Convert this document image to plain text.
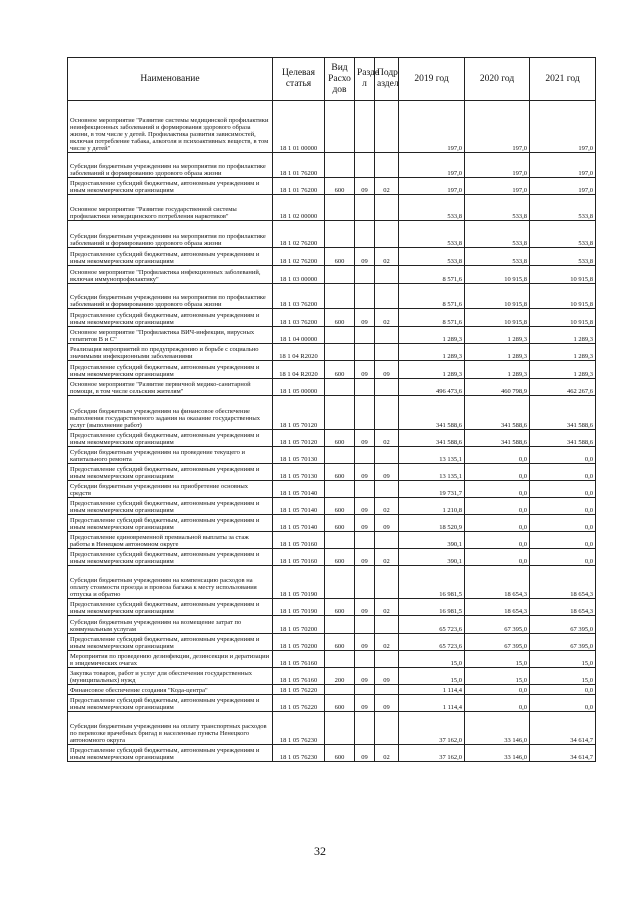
Наименование	Целевая статья	Вид Расхо дов	Разде л	Подр аздел	2019 год	2020 год	2021 год
Основное мероприятие "Развитие системы медицинской профилактики неинфекционных заболеваний и формирования здорового образа жизни, в том числе у детей. Профилактика развития зависимостей, включая потребление табака, алкоголя и психоактивных веществ, в том числе у детей"	18 1 01 00000				197,0	197,0	197,0
Субсидии бюджетным учреждениям на мероприятия по профилактике заболеваний и формированию здорового образа жизни	18 1 01 76200				197,0	197,0	197,0
Предоставление субсидий бюджетным, автономным учреждениям и иным некоммерческим организациям	18 1 01 76200	600	09	02	197,0	197,0	197,0
Основное мероприятие "Развитие государственной системы профилактики немедицинского потребления наркотиков"	18 1 02 00000				533,8	533,8	533,8
Субсидии бюджетным учреждениям на мероприятия по профилактике заболеваний и формированию здорового образа жизни	18 1 02 76200				533,8	533,8	533,8
Предоставление субсидий бюджетным, автономным учреждениям и иным некоммерческим организациям	18 1 02 76200	600	09	02	533,8	533,8	533,8
Основное мероприятие "Профилактика инфекционных заболеваний, включая иммунопрофилактику"	18 1 03 00000				8 571,6	10 915,8	10 915,8
Субсидии бюджетным учреждениям на мероприятия по профилактике заболеваний и формированию здорового образа жизни	18 1 03 76200				8 571,6	10 915,8	10 915,8
Предоставление субсидий бюджетным, автономным учреждениям и иным некоммерческим организациям	18 1 03 76200	600	09	02	8 571,6	10 915,8	10 915,8
Основное мероприятие "Профилактика ВИЧ-инфекции, вирусных гепатитов В и С"	18 1 04 00000				1 289,3	1 289,3	1 289,3
Реализация мероприятий по предупреждению и борьбе с социально значимыми инфекционными заболеваниями	18 1 04 R2020				1 289,3	1 289,3	1 289,3
Предоставление субсидий бюджетным, автономным учреждениям и иным некоммерческим организациям	18 1 04 R2020	600	09	09	1 289,3	1 289,3	1 289,3
Основное мероприятие "Развитие первичной медико-санитарной помощи, в том числе сельским жителям"	18 1 05 00000				496 473,6	460 798,9	462 267,6
Субсидии бюджетным учреждениям на финансовое обеспечение выполнения государственного задания на оказание государственных услуг (выполнение работ)	18 1 05 70120				341 588,6	341 588,6	341 588,6
Предоставление субсидий бюджетным, автономным учреждениям и иным некоммерческим организациям	18 1 05 70120	600	09	02	341 588,6	341 588,6	341 588,6
Субсидии бюджетным учреждениям на проведение текущего и капитального ремонта	18 1 05 70130				13 135,1	0,0	0,0
Предоставление субсидий бюджетным, автономным учреждениям и иным некоммерческим организациям	18 1 05 70130	600	09	09	13 135,1	0,0	0,0
Субсидии бюджетным учреждениям на приобретение основных средств	18 1 05 70140				19 731,7	0,0	0,0
Предоставление субсидий бюджетным, автономным учреждениям и иным некоммерческим организациям	18 1 05 70140	600	09	02	1 210,8	0,0	0,0
Предоставление субсидий бюджетным, автономным учреждениям и иным некоммерческим организациям	18 1 05 70140	600	09	09	18 520,9	0,0	0,0
Предоставление единовременной премиальной выплаты за стаж работы в Ненецком автономном округе	18 1 05 70160				390,1	0,0	0,0
Предоставление субсидий бюджетным, автономным учреждениям и иным некоммерческим организациям	18 1 05 70160	600	09	02	390,1	0,0	0,0
Субсидии бюджетным учреждениям на компенсацию расходов на оплату стоимости проезда и провоза багажа к месту использования отпуска и обратно	18 1 05 70190				16 981,5	18 654,3	18 654,3
Предоставление субсидий бюджетным, автономным учреждениям и иным некоммерческим организациям	18 1 05 70190	600	09	02	16 981,5	18 654,3	18 654,3
Субсидии бюджетным учреждениям на возмещение затрат по коммунальным услугам	18 1 05 70200				65 723,6	67 395,0	67 395,0
Предоставление субсидий бюджетным, автономным учреждениям и иным некоммерческим организациям	18 1 05 70200	600	09	02	65 723,6	67 395,0	67 395,0
Мероприятия по проведению дезинфекции, дезинсекции и дератизации в эпидемических очагах	18 1 05 76160				15,0	15,0	15,0
Закупка товаров, работ и услуг для обеспечения государственных (муниципальных) нужд	18 1 05 76160	200	09	09	15,0	15,0	15,0
Финансовое обеспечение создания "Кода-центра"	18 1 05 76220				1 114,4	0,0	0,0
Предоставление субсидий бюджетным, автономным учреждениям и иным некоммерческим организациям	18 1 05 76220	600	09	09	1 114,4	0,0	0,0
Субсидии бюджетным учреждениям на оплату транспортных расходов по перевозке врачебных бригад в населенные пункты Ненецкого автономного округа	18 1 05 76230				37 162,0	33 146,0	34 614,7
Предоставление субсидий бюджетным, автономным учреждениям и иным некоммерческим организациям	18 1 05 76230	600	09	02	37 162,0	33 146,0	34 614,7
32
